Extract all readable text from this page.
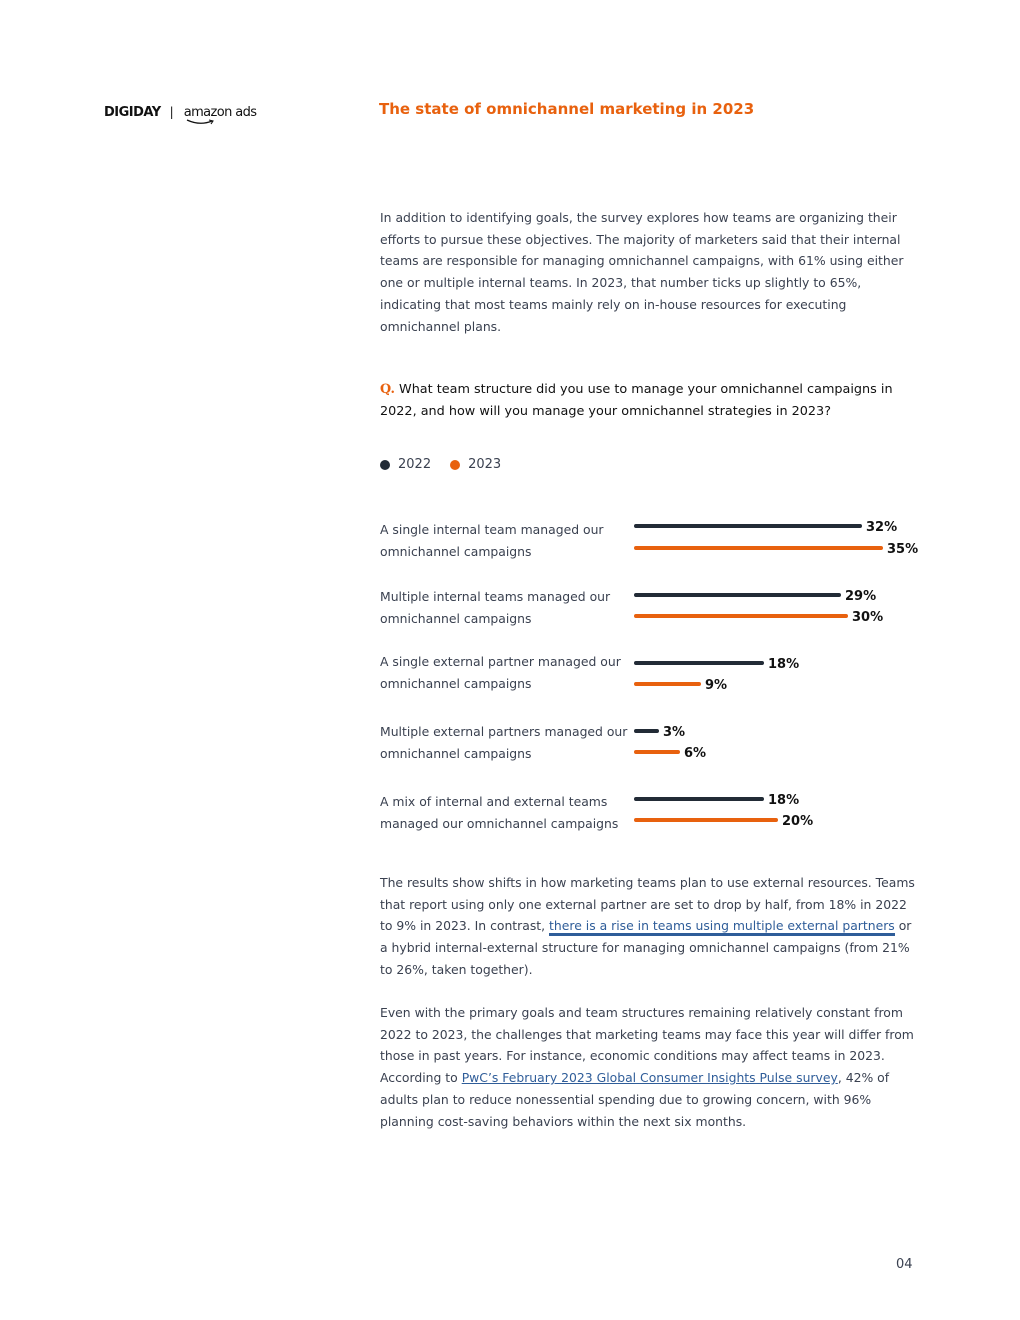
DIGIDAY | amazon ads	The state of omnichannel marketing in 2023

In addition to identifying goals, the survey explores how teams are organizing their efforts to pursue these objectives. The majority of marketers said that their internal teams are responsible for managing omnichannel campaigns, with 61% using either one or multiple internal teams. In 2023, that number ticks up slightly to 65%, indicating that most teams mainly rely on in-house resources for executing omnichannel plans.

Q. What team structure did you use to manage your omnichannel campaigns in 2022, and how will you manage your omnichannel strategies in 2023?

2022	2023

A single internal team managed our omnichannel campaigns

Multiple internal teams managed our omnichannel campaigns

A single external partner managed our omnichannel campaigns

Multiple external partners managed our omnichannel campaigns

A mix of internal and external teams managed our omnichannel campaigns

32%
29%
18%
3%
18%
35%
30%
9%
6%
20%

The results show shifts in how marketing teams plan to use external resources. Teams that report using only one external partner are set to drop by half, from 18% in 2022 to 9% in 2023. In contrast, there is a rise in teams using multiple external partners or a hybrid internal-external structure for managing omnichannel campaigns (from 21% to 26%, taken together).

Even with the primary goals and team structures remaining relatively constant from 2022 to 2023, the challenges that marketing teams may face this year will differ from those in past years. For instance, economic conditions may affect teams in 2023. According to PwC’s February 2023 Global Consumer Insights Pulse survey, 42% of adults plan to reduce nonessential spending due to growing concern, with 96% planning cost-saving behaviors within the next six months.

04
